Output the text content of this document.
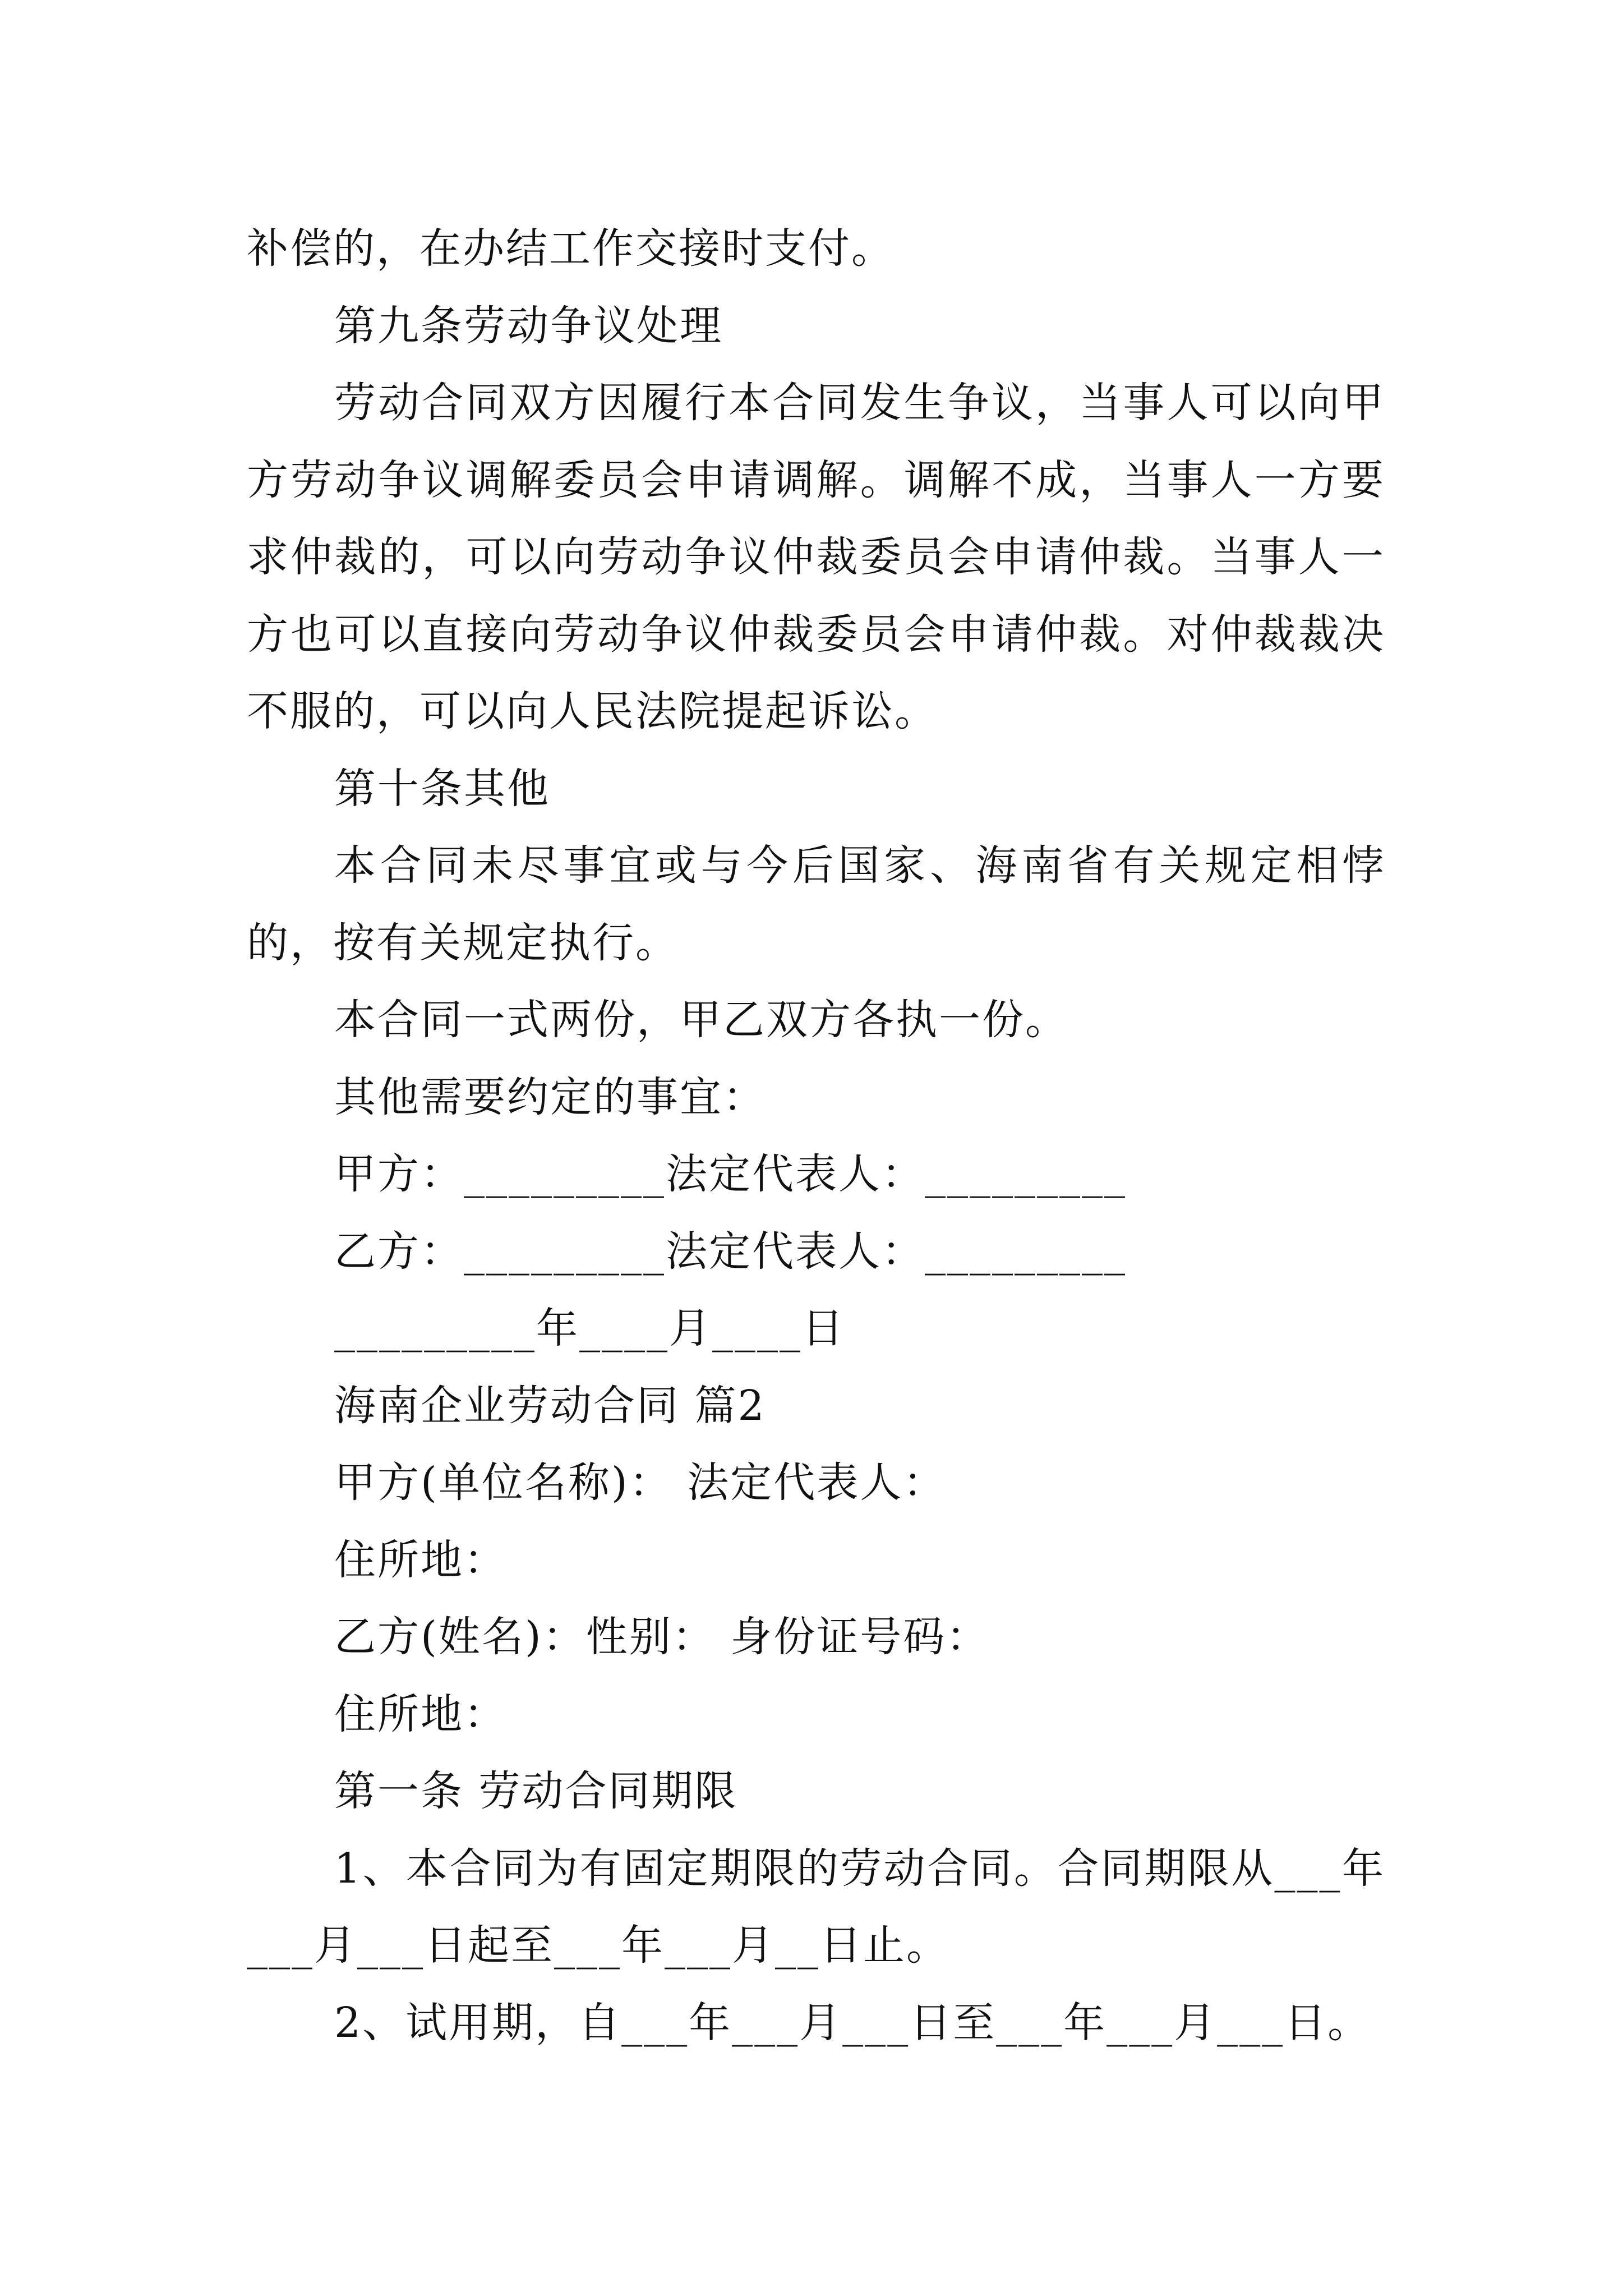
补偿的，在办结工作交接时支付。

第九条劳动争议处理

劳动合同双方因履行本合同发生争议，当事人可以向甲方劳动争议调解委员会申请调解。调解不成，当事人一方要求仲裁的，可以向劳动争议仲裁委员会申请仲裁。当事人一方也可以直接向劳动争议仲裁委员会申请仲裁。对仲裁裁决不服的，可以向人民法院提起诉讼。

第十条其他

本合同未尽事宜或与今后国家、海南省有关规定相悖的，按有关规定执行。

本合同一式两份，甲乙双方各执一份。

其他需要约定的事宜：

甲方：_________法定代表人：_________

乙方：_________法定代表人：_________

_________年____月____日

海南企业劳动合同 篇2

甲方(单位名称)： 法定代表人：

住所地：

乙方(姓名)：性别： 身份证号码：

住所地：

第一条 劳动合同期限

1、本合同为有固定期限的劳动合同。合同期限从___年___月___日起至___年___月__日止。

2、试用期，自___年___月___日至___年___月___日。
